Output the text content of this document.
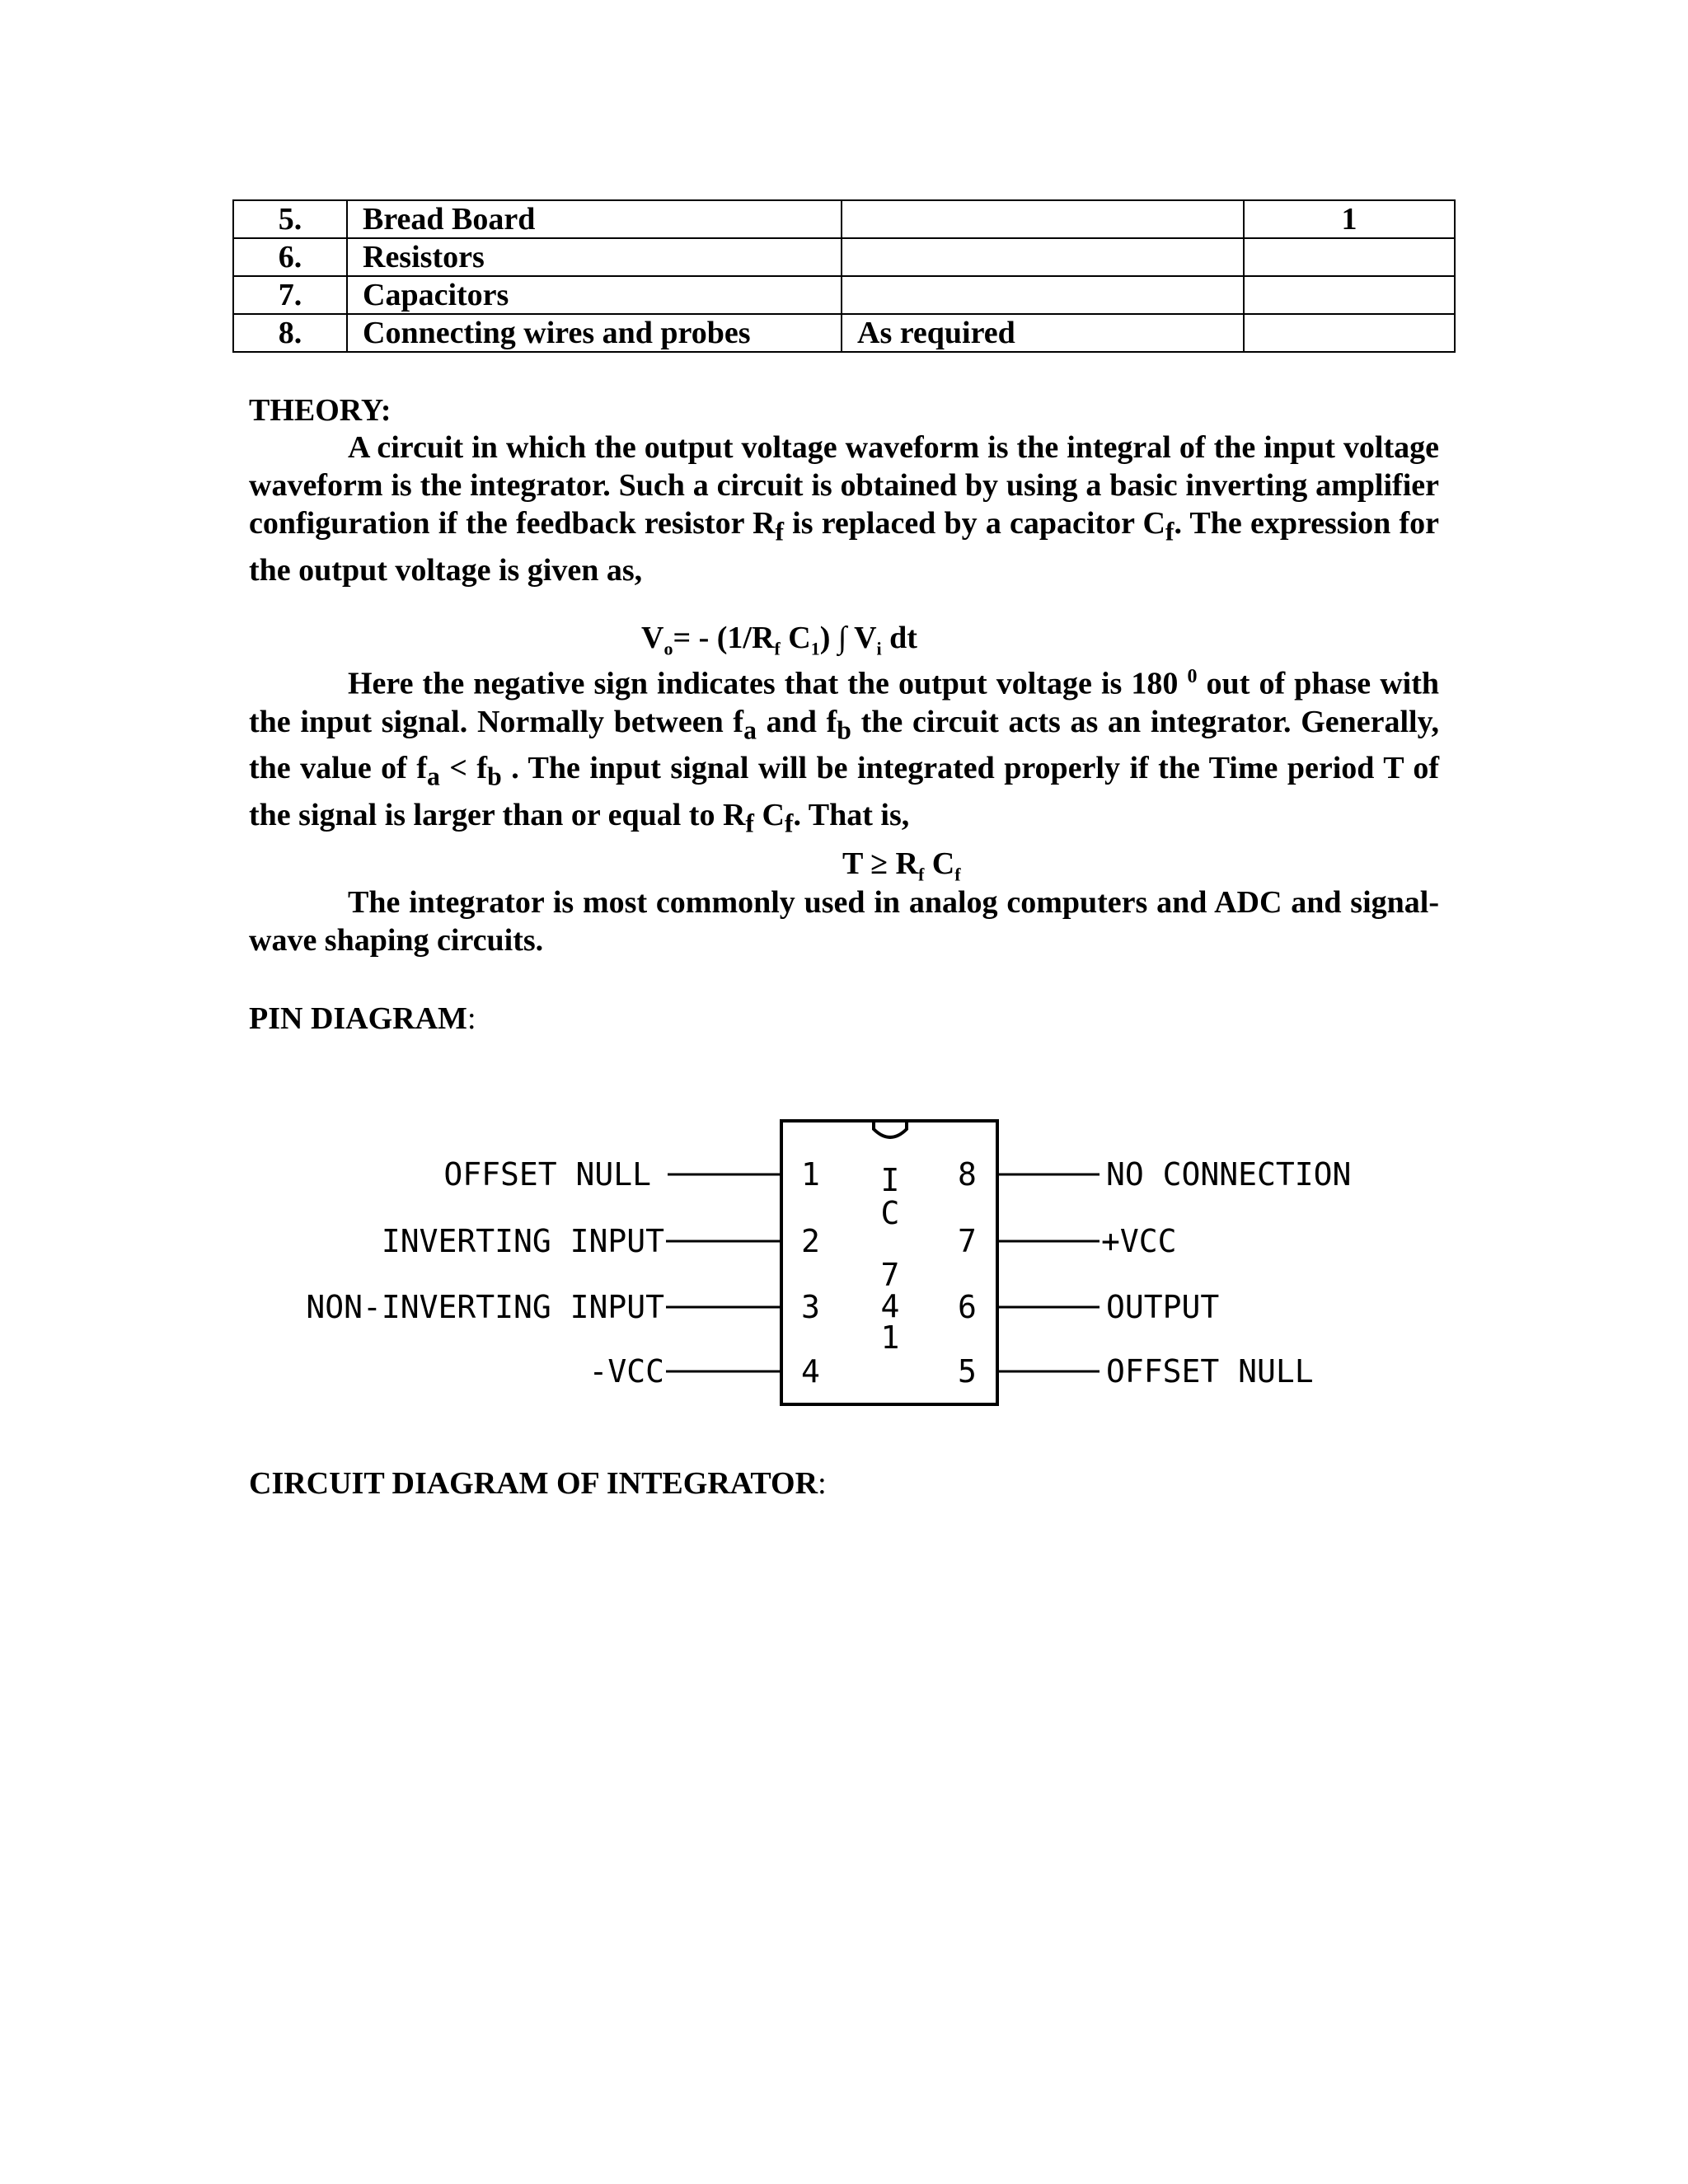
5.	Bread Board		1
6.	Resistors		
7.	Capacitors		
8.	Connecting wires and probes	As required	
THEORY:
A circuit in which the output voltage waveform is the integral of the input voltage waveform is the integrator. Such a circuit is obtained by using a basic inverting amplifier configuration if the feedback resistor $R_f$ is replaced by a capacitor $C_f$. The expression for the output voltage is given as,
$V_o= - (1/R_f$ $C_1$) ∫ $V_i$ dt
Here the negative sign indicates that the output voltage is 180 $^0$ out of phase with the input signal. Normally between $f_a$ and $f_b$ the circuit acts as an integrator. Generally, the value of $f_a < f_b$ . The input signal will be integrated properly if the Time period T of the signal is larger than or equal to $R_f$ $C_f$. That is,
$T \ge R_f$ $C_f$
The integrator is most commonly used in analog computers and ADC and signal-wave shaping circuits.
PIN DIAGRAM:
OFFSET NULL
INVERTING INPUT
NON-INVERTING INPUT
-VCC
NO CONNECTION
+VCC
OUTPUT
OFFSET NULL
1
2
3
4
8
7
6
5
I
C
7
4
1
CIRCUIT DIAGRAM OF INTEGRATOR:
